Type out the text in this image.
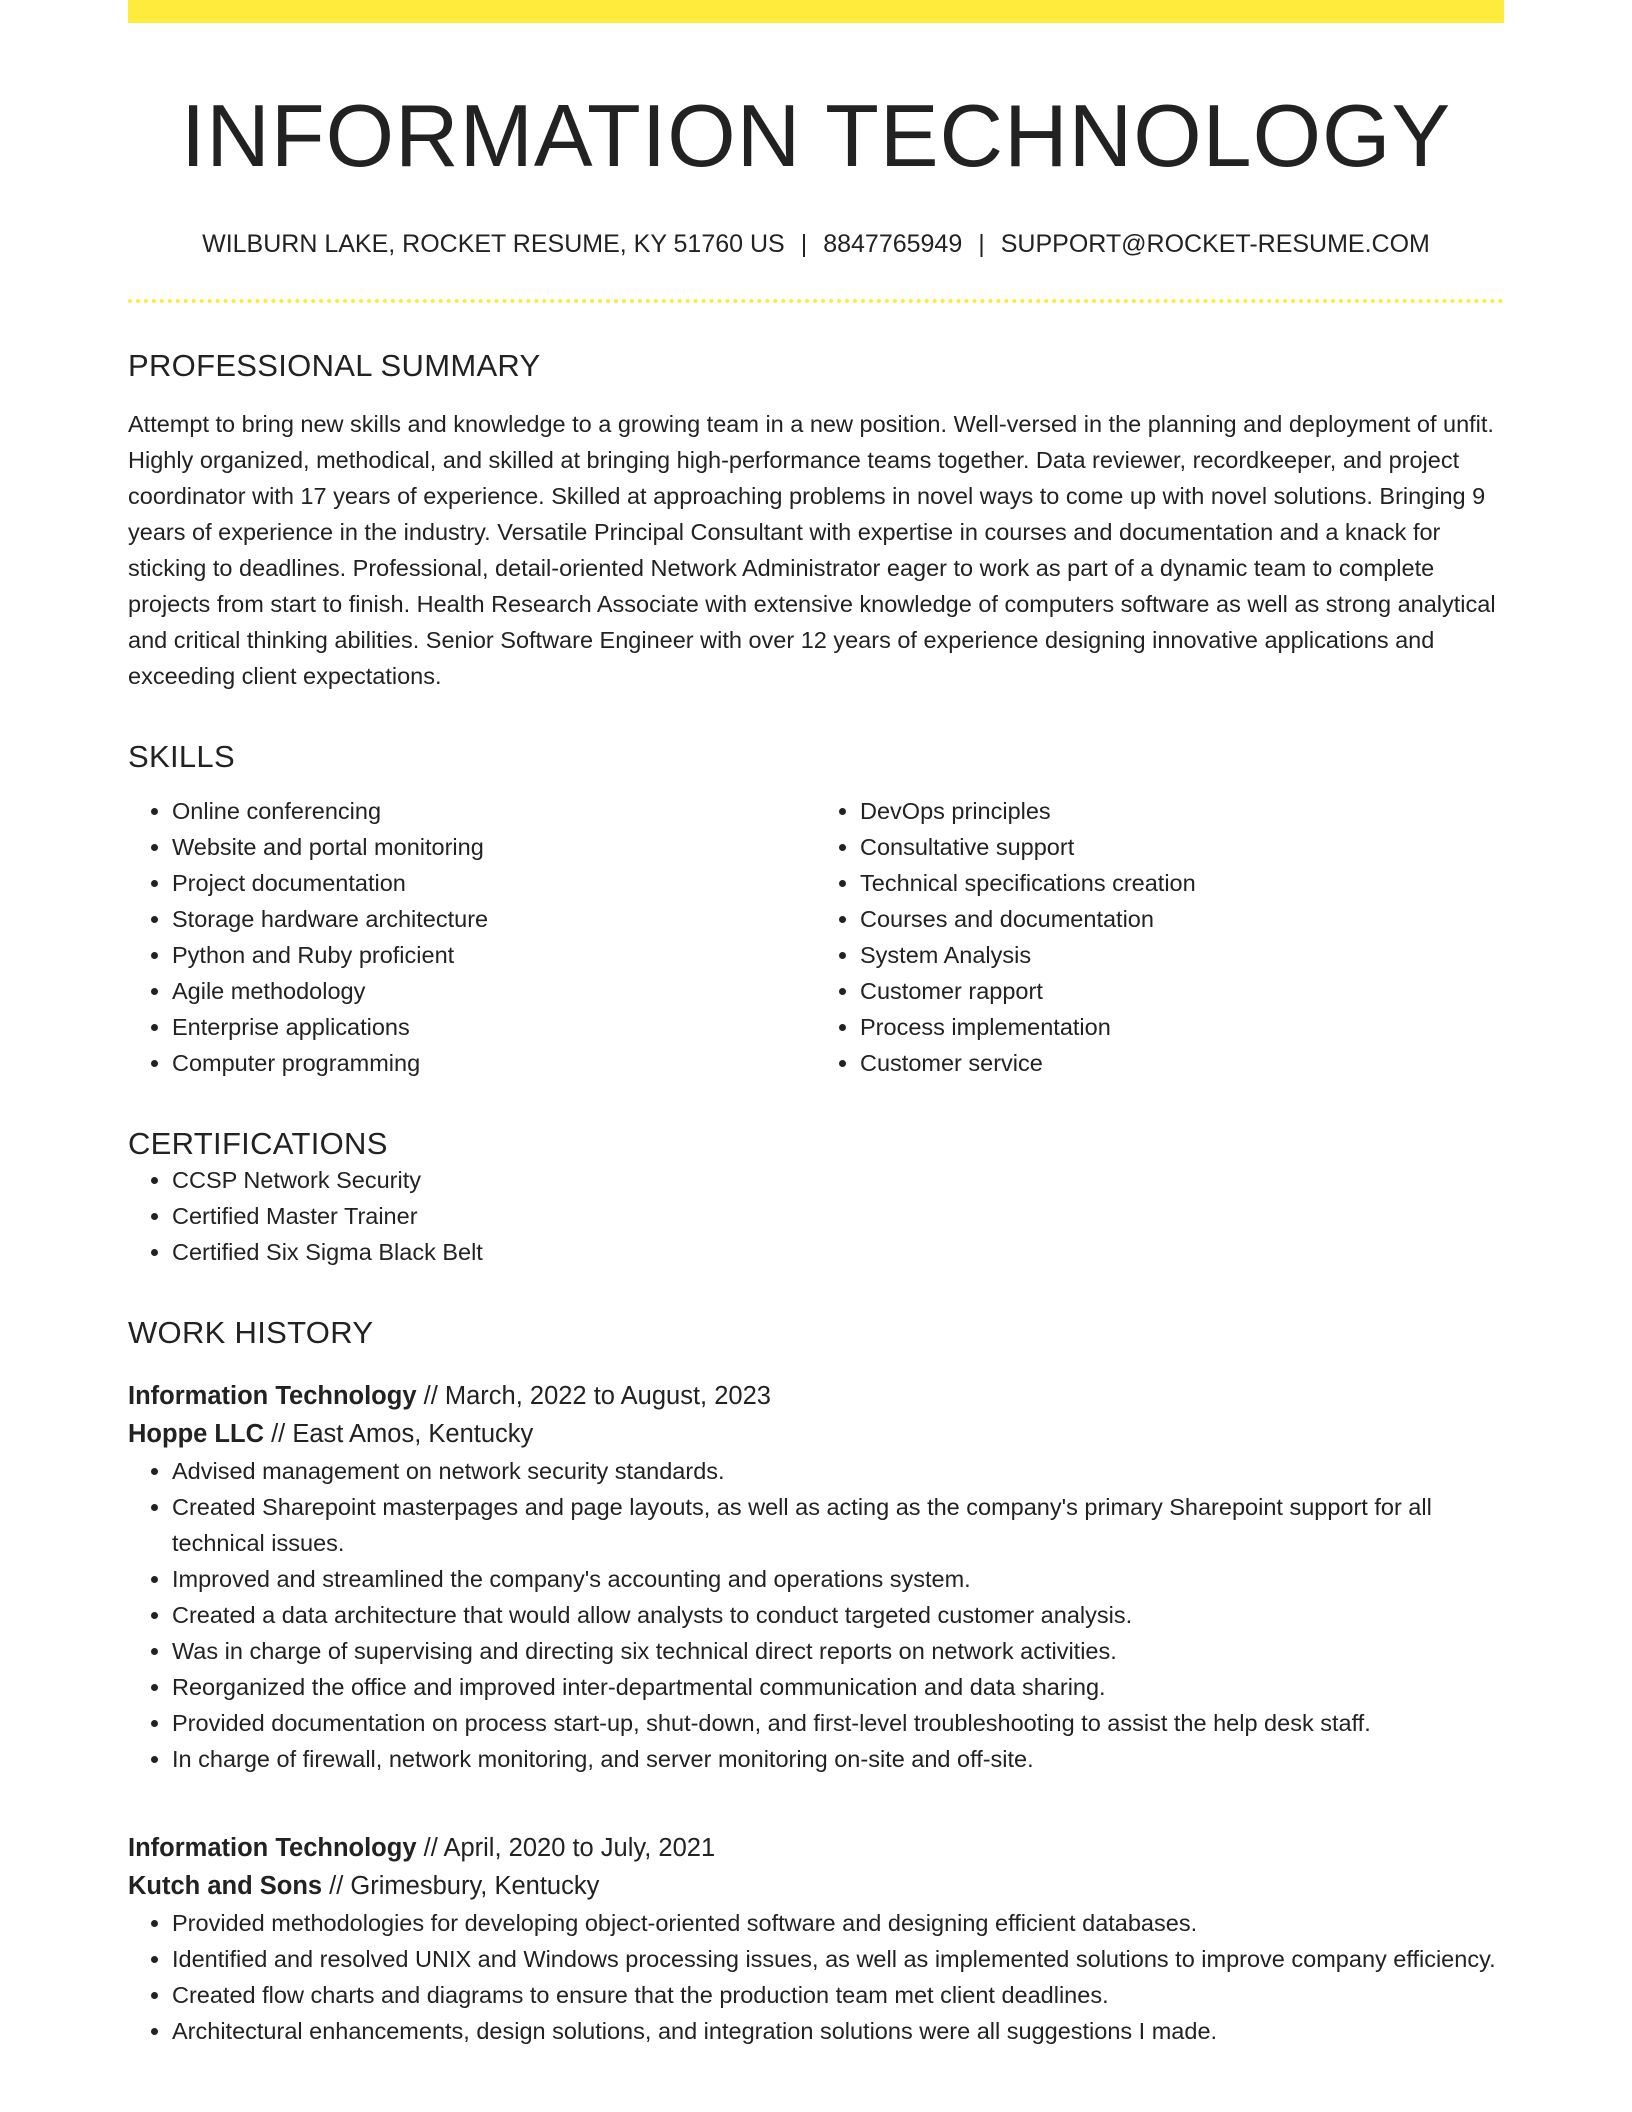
INFORMATION TECHNOLOGY
WILBURN LAKE, ROCKET RESUME, KY 51760 US | 8847765949 | SUPPORT@ROCKET-RESUME.COM
PROFESSIONAL SUMMARY

Attempt to bring new skills and knowledge to a growing team in a new position. Well-versed in the planning and deployment of unfit. Highly organized, methodical, and skilled at bringing high-performance teams together. Data reviewer, recordkeeper, and project coordinator with 17 years of experience. Skilled at approaching problems in novel ways to come up with novel solutions. Bringing 9 years of experience in the industry. Versatile Principal Consultant with expertise in courses and documentation and a knack for sticking to deadlines. Professional, detail-oriented Network Administrator eager to work as part of a dynamic team to complete projects from start to finish. Health Research Associate with extensive knowledge of computers software as well as strong analytical and critical thinking abilities. Senior Software Engineer with over 12 years of experience designing innovative applications and exceeding client expectations.

SKILLS
• Online conferencing
• Website and portal monitoring
• Project documentation
• Storage hardware architecture
• Python and Ruby proficient
• Agile methodology
• Enterprise applications
• Computer programming
• DevOps principles
• Consultative support
• Technical specifications creation
• Courses and documentation
• System Analysis
• Customer rapport
• Process implementation
• Customer service
CERTIFICATIONS
• CCSP Network Security
• Certified Master Trainer
• Certified Six Sigma Black Belt
WORK HISTORY
Information Technology // March, 2022 to August, 2023
Hoppe LLC // East Amos, Kentucky
• Advised management on network security standards.
• Created Sharepoint masterpages and page layouts, as well as acting as the company's primary Sharepoint support for all technical issues.
• Improved and streamlined the company's accounting and operations system.
• Created a data architecture that would allow analysts to conduct targeted customer analysis.
• Was in charge of supervising and directing six technical direct reports on network activities.
• Reorganized the office and improved inter-departmental communication and data sharing.
• Provided documentation on process start-up, shut-down, and first-level troubleshooting to assist the help desk staff.
• In charge of firewall, network monitoring, and server monitoring on-site and off-site.
Information Technology // April, 2020 to July, 2021
Kutch and Sons // Grimesbury, Kentucky
• Provided methodologies for developing object-oriented software and designing efficient databases.
• Identified and resolved UNIX and Windows processing issues, as well as implemented solutions to improve company efficiency.
• Created flow charts and diagrams to ensure that the production team met client deadlines.
• Architectural enhancements, design solutions, and integration solutions were all suggestions I made.
